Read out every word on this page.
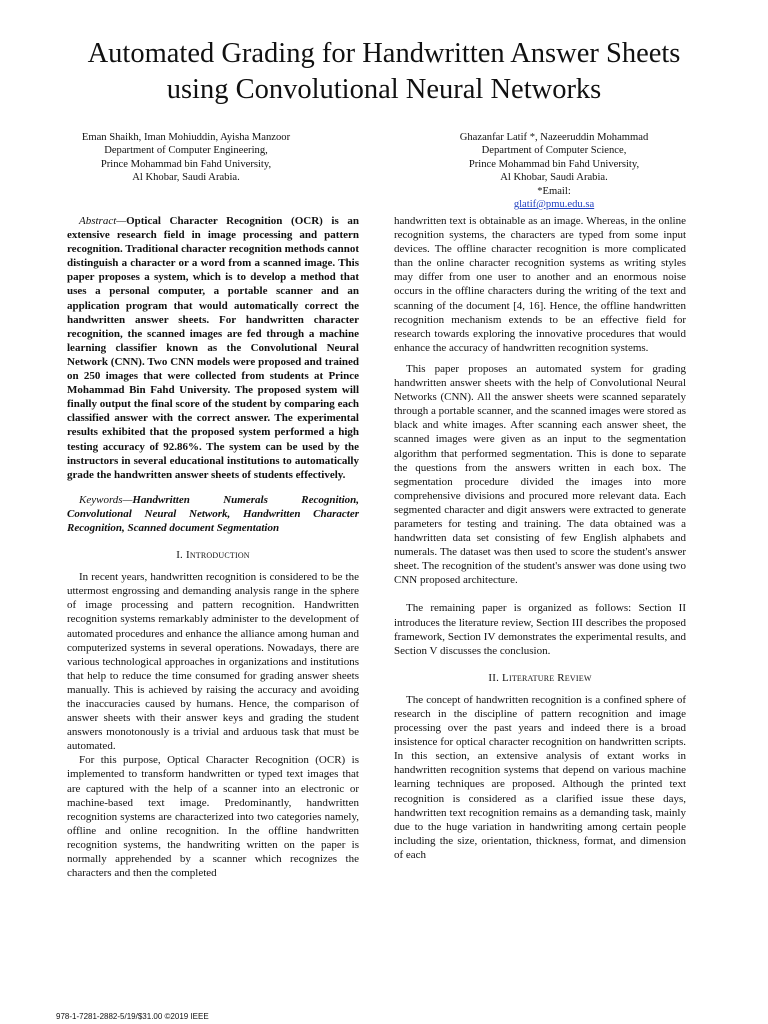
Automated Grading for Handwritten Answer Sheets
using Convolutional Neural Networks
Eman Shaikh, Iman Mohiuddin, Ayisha Manzoor
Department of Computer Engineering,
Prince Mohammad bin Fahd University,
Al Khobar, Saudi Arabia.
Ghazanfar Latif *, Nazeeruddin Mohammad
Department of Computer Science,
Prince Mohammad bin Fahd University,
Al Khobar, Saudi Arabia.
*Email:
glatif@pmu.edu.sa

Abstract—Optical Character Recognition (OCR) is an extensive research field in image processing and pattern recognition. Traditional character recognition methods cannot distinguish a character or a word from a scanned image. This paper proposes a system, which is to develop a method that uses a personal computer, a portable scanner and an application program that would automatically correct the handwritten answer sheets. For handwritten character recognition, the scanned images are fed through a machine learning classifier known as the Convolutional Neural Network (CNN). Two CNN models were proposed and trained on 250 images that were collected from students at Prince Mohammad Bin Fahd University. The proposed system will finally output the final score of the student by comparing each classified answer with the correct answer. The experimental results exhibited that the proposed system performed a high testing accuracy of 92.86%. The system can be used by the instructors in several educational institutions to automatically grade the handwritten answer sheets of students effectively.

Keywords—Handwritten Numerals Recognition, Convolutional Neural Network, Handwritten Character Recognition, Scanned document Segmentation

I. Introduction

In recent years, handwritten recognition is considered to be the uttermost engrossing and demanding analysis range in the sphere of image processing and pattern recognition. Handwritten recognition systems remarkably administer to the development of automated procedures and enhance the alliance among human and computerized systems in several operations. Nowadays, there are various technological approaches in organizations and institutions that help to reduce the time consumed for grading answer sheets manually. This is achieved by raising the accuracy and avoiding the inaccuracies caused by humans. Hence, the comparison of answer sheets with their answer keys and grading the student answers monotonously is a trivial and arduous task that must be automated.

For this purpose, Optical Character Recognition (OCR) is implemented to transform handwritten or typed text images that are captured with the help of a scanner into an electronic or machine-based text image. Predominantly, handwritten recognition systems are characterized into two categories namely, offline and online recognition. In the offline handwritten recognition systems, the handwriting written on the paper is normally apprehended by a scanner which recognizes the characters and then the completed

handwritten text is obtainable as an image. Whereas, in the online recognition systems, the characters are typed from some input devices. The offline character recognition is more complicated than the online character recognition systems as writing styles may differ from one user to another and an enormous noise occurs in the offline characters during the writing of the text and scanning of the document [4, 16]. Hence, the offline handwritten recognition mechanism extends to be an effective field for research towards exploring the innovative procedures that would enhance the accuracy of handwritten recognition systems.

This paper proposes an automated system for grading handwritten answer sheets with the help of Convolutional Neural Networks (CNN). All the answer sheets were scanned separately through a portable scanner, and the scanned images were stored as black and white images. After scanning each answer sheet, the scanned images were given as an input to the segmentation algorithm that performed segmentation. This is done to separate the questions from the answers written in each box. The segmentation procedure divided the images into more comprehensive divisions and procured more relevant data. Each segmented character and digit answers were extracted to generate parameters for testing and training. The data obtained was a handwritten data set consisting of few English alphabets and numerals. The dataset was then used to score the student's answer sheet. The recognition of the student's answer was done using two CNN proposed architecture.

The remaining paper is organized as follows: Section II introduces the literature review, Section III describes the proposed framework, Section IV demonstrates the experimental results, and Section V discusses the conclusion.

II. Literature Review

The concept of handwritten recognition is a confined sphere of research in the discipline of pattern recognition and image processing over the past years and indeed there is a broad insistence for optical character recognition on handwritten scripts. In this section, an extensive analysis of extant works in handwritten recognition systems that depend on various machine learning techniques are proposed. Although the printed text recognition is considered as a clarified issue these days, handwritten text recognition remains as a demanding task, mainly due to the huge variation in handwriting among certain people including the size, orientation, thickness, format, and dimension of each

978-1-7281-2882-5/19/$31.00 ©2019 IEEE
